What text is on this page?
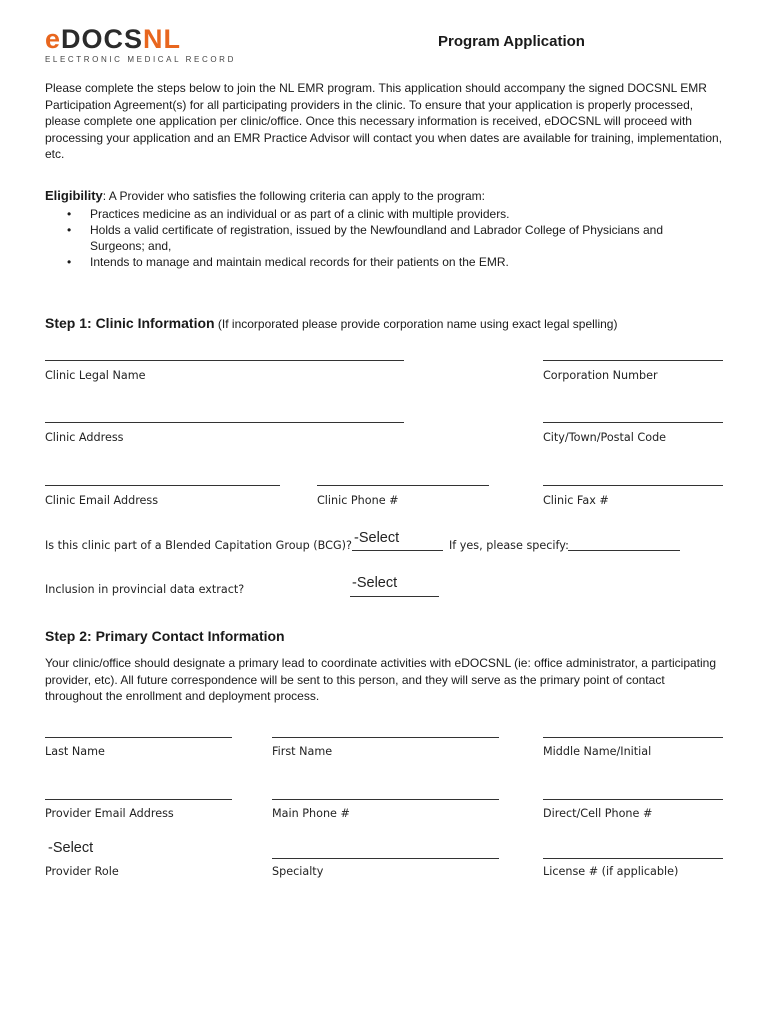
eDOCSNL
ELECTRONIC MEDICAL RECORD
Program Application
Please complete the steps below to join the NL EMR program. This application should accompany the signed DOCSNL EMR Participation Agreement(s) for all participating providers in the clinic. To ensure that your application is properly processed, please complete one application per clinic/office. Once this necessary information is received, eDOCSNL will proceed with processing your application and an EMR Practice Advisor will contact you when dates are available for training, implementation, etc.
Eligibility: A Provider who satisfies the following criteria can apply to the program:
• Practices medicine as an individual or as part of a clinic with multiple providers.
• Holds a valid certificate of registration, issued by the Newfoundland and Labrador College of Physicians and Surgeons; and,
• Intends to manage and maintain medical records for their patients on the EMR.
Step 1: Clinic Information (If incorporated please provide corporation name using exact legal spelling)
Clinic Legal Name	Corporation Number
Clinic Address	City/Town/Postal Code
Clinic Email Address	Clinic Phone #	Clinic Fax #
Is this clinic part of a Blended Capitation Group (BCG)? -Select	If yes, please specify:
Inclusion in provincial data extract?	-Select
Step 2: Primary Contact Information
Your clinic/office should designate a primary lead to coordinate activities with eDOCSNL (ie: office administrator, a participating provider, etc). All future correspondence will be sent to this person, and they will serve as the primary point of contact throughout the enrollment and deployment process.
Last Name	First Name	Middle Name/Initial
Provider Email Address	Main Phone #	Direct/Cell Phone #
-Select
Provider Role	Specialty	License # (if applicable)
